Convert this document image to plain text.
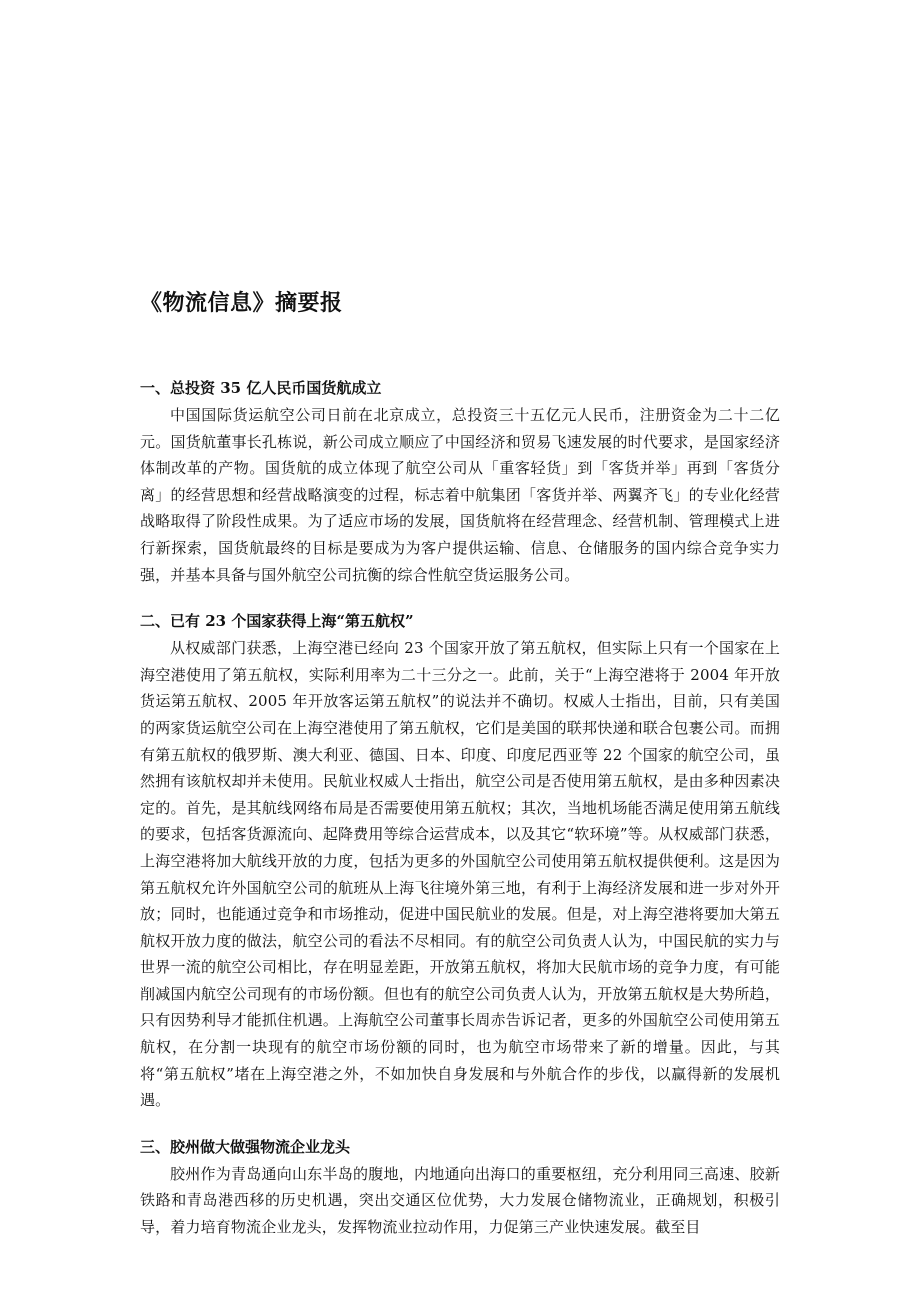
《物流信息》摘要报
一、总投资 35 亿人民币国货航成立

中国国际货运航空公司日前在北京成立，总投资三十五亿元人民币，注册资金为二十二亿元。国货航董事长孔栋说，新公司成立顺应了中国经济和贸易飞速发展的时代要求，是国家经济体制改革的产物。国货航的成立体现了航空公司从「重客轻货」到「客货并举」再到「客货分离」的经营思想和经营战略演变的过程，标志着中航集团「客货并举、两翼齐飞」的专业化经营战略取得了阶段性成果。为了适应市场的发展，国货航将在经营理念、经营机制、管理模式上进行新探索，国货航最终的目标是要成为为客户提供运输、信息、仓储服务的国内综合竞争实力强，并基本具备与国外航空公司抗衡的综合性航空货运服务公司。

二、已有 23 个国家获得上海“第五航权”

从权威部门获悉，上海空港已经向 23 个国家开放了第五航权，但实际上只有一个国家在上海空港使用了第五航权，实际利用率为二十三分之一。此前，关于“上海空港将于 2004 年开放货运第五航权、2005 年开放客运第五航权”的说法并不确切。权威人士指出，目前，只有美国的两家货运航空公司在上海空港使用了第五航权，它们是美国的联邦快递和联合包裹公司。而拥有第五航权的俄罗斯、澳大利亚、德国、日本、印度、印度尼西亚等 22 个国家的航空公司，虽然拥有该航权却并未使用。民航业权威人士指出，航空公司是否使用第五航权，是由多种因素决定的。首先，是其航线网络布局是否需要使用第五航权；其次，当地机场能否满足使用第五航线的要求，包括客货源流向、起降费用等综合运营成本，以及其它“软环境”等。从权威部门获悉，上海空港将加大航线开放的力度，包括为更多的外国航空公司使用第五航权提供便利。这是因为第五航权允许外国航空公司的航班从上海飞往境外第三地，有利于上海经济发展和进一步对外开放；同时，也能通过竞争和市场推动，促进中国民航业的发展。但是，对上海空港将要加大第五航权开放力度的做法，航空公司的看法不尽相同。有的航空公司负责人认为，中国民航的实力与世界一流的航空公司相比，存在明显差距，开放第五航权，将加大民航市场的竞争力度，有可能削减国内航空公司现有的市场份额。但也有的航空公司负责人认为，开放第五航权是大势所趋，只有因势利导才能抓住机遇。上海航空公司董事长周赤告诉记者，更多的外国航空公司使用第五航权，在分割一块现有的航空市场份额的同时，也为航空市场带来了新的增量。因此，与其将“第五航权”堵在上海空港之外，不如加快自身发展和与外航合作的步伐，以赢得新的发展机遇。

三、胶州做大做强物流企业龙头

胶州作为青岛通向山东半岛的腹地，内地通向出海口的重要枢纽，充分利用同三高速、胶新铁路和青岛港西移的历史机遇，突出交通区位优势，大力发展仓储物流业，正确规划，积极引导，着力培育物流企业龙头，发挥物流业拉动作用，力促第三产业快速发展。截至目
